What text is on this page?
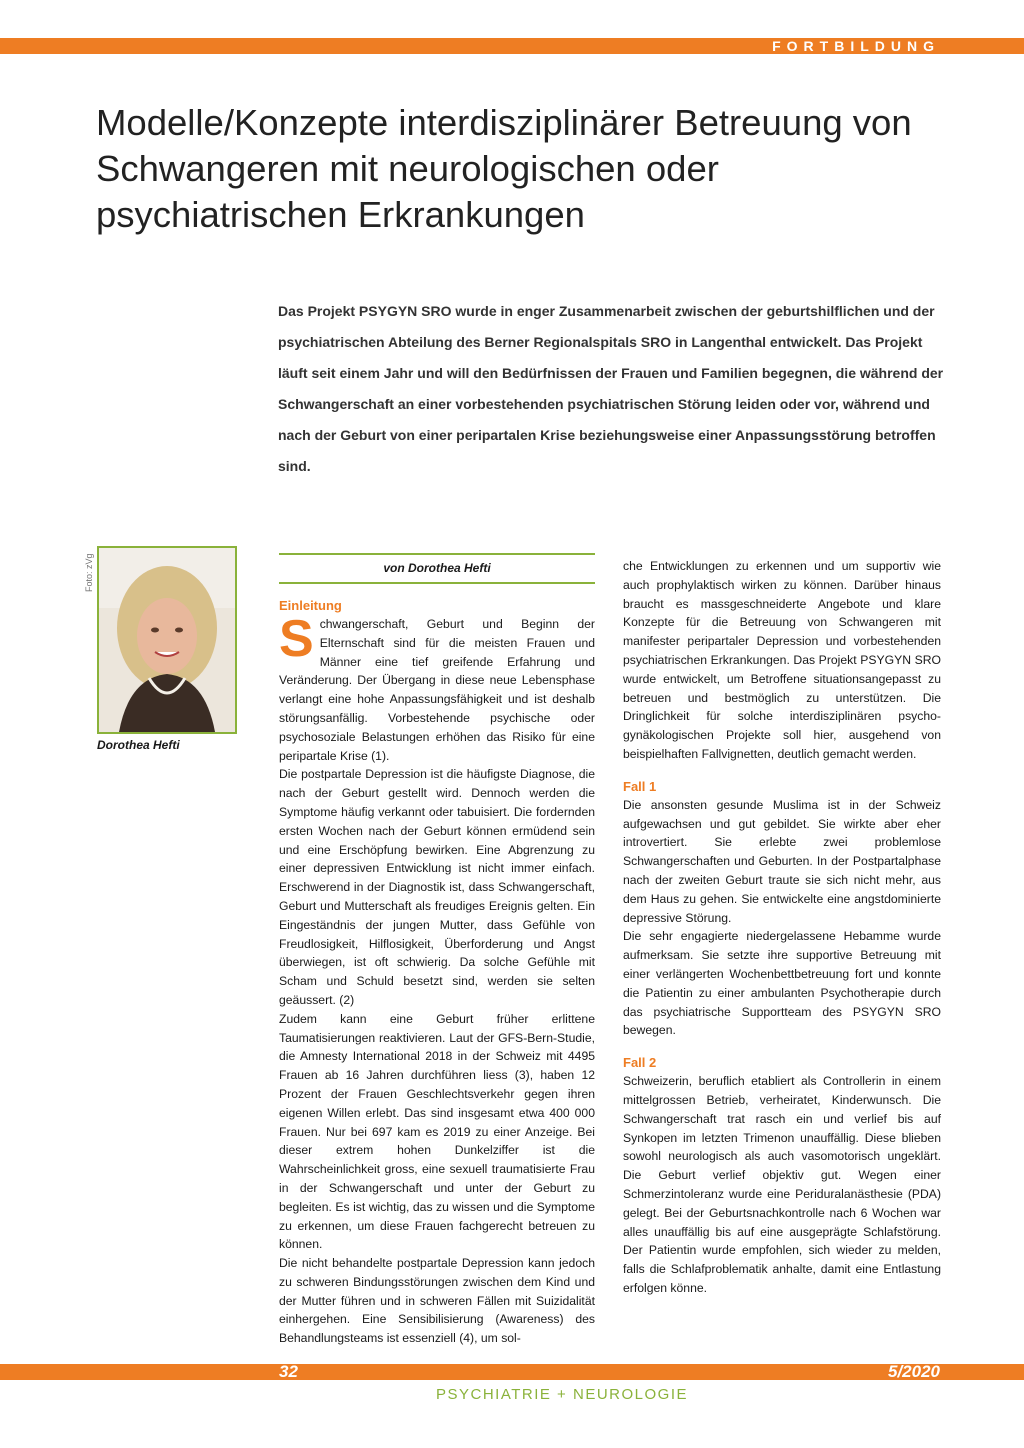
FORTBILDUNG
Modelle/Konzepte interdisziplinärer Betreuung von Schwangeren mit neurologischen oder psychiatrischen Erkrankungen

Das Projekt PSYGYN SRO wurde in enger Zusammenarbeit zwischen der geburtshilflichen und der psychiatrischen Abteilung des Berner Regionalspitals SRO in Langenthal entwickelt. Das Projekt läuft seit einem Jahr und will den Bedürfnissen der Frauen und Familien begegnen, die während der Schwangerschaft an einer vorbestehenden psychiatrischen Störung leiden oder vor, während und nach der Geburt von einer peripartalen Krise beziehungsweise einer Anpassungsstörung betroffen sind.

Foto: zVg
Dorothea Hefti
von Dorothea Hefti

Einleitung

Schwangerschaft, Geburt und Beginn der Elternschaft sind für die meisten Frauen und Männer eine tief greifende Erfahrung und Veränderung. Der Übergang in diese neue Lebensphase verlangt eine hohe Anpassungsfähigkeit und ist deshalb störungsanfällig. Vorbestehende psychische oder psychosoziale Belastungen erhöhen das Risiko für eine peripartale Krise (1).

Die postpartale Depression ist die häufigste Diagnose, die nach der Geburt gestellt wird. Dennoch werden die Symptome häufig verkannt oder tabuisiert. Die fordernden ersten Wochen nach der Geburt können ermüdend sein und eine Erschöpfung bewirken. Eine Abgrenzung zu einer depressiven Entwicklung ist nicht immer einfach. Erschwerend in der Diagnostik ist, dass Schwangerschaft, Geburt und Mutterschaft als freudiges Ereignis gelten. Ein Eingeständnis der jungen Mutter, dass Gefühle von Freudlosigkeit, Hilflosigkeit, Überforderung und Angst überwiegen, ist oft schwierig. Da solche Gefühle mit Scham und Schuld besetzt sind, werden sie selten geäussert. (2)

Zudem kann eine Geburt früher erlittene Taumatisierungen reaktivieren. Laut der GFS-Bern-Studie, die Amnesty International 2018 in der Schweiz mit 4495 Frauen ab 16 Jahren durchführen liess (3), haben 12 Prozent der Frauen Geschlechtsverkehr gegen ihren eigenen Willen erlebt. Das sind insgesamt etwa 400 000 Frauen. Nur bei 697 kam es 2019 zu einer Anzeige. Bei dieser extrem hohen Dunkelziffer ist die Wahrscheinlichkeit gross, eine sexuell traumatisierte Frau in der Schwangerschaft und unter der Geburt zu begleiten. Es ist wichtig, das zu wissen und die Symptome zu erkennen, um diese Frauen fachgerecht betreuen zu können.

Die nicht behandelte postpartale Depression kann jedoch zu schweren Bindungsstörungen zwischen dem Kind und der Mutter führen und in schweren Fällen mit Suizidalität einhergehen. Eine Sensibilisierung (Awareness) des Behandlungsteams ist essenziell (4), um sol-

che Entwicklungen zu erkennen und um supportiv wie auch prophylaktisch wirken zu können. Darüber hinaus braucht es massgeschneiderte Angebote und klare Konzepte für die Betreuung von Schwangeren mit manifester peripartaler Depression und vorbestehenden psychiatrischen Erkrankungen. Das Projekt PSYGYN SRO wurde entwickelt, um Betroffene situationsangepasst zu betreuen und bestmöglich zu unterstützen. Die Dringlichkeit für solche interdisziplinären psycho-gynäkologischen Projekte soll hier, ausgehend von beispielhaften Fallvignetten, deutlich gemacht werden.

Fall 1

Die ansonsten gesunde Muslima ist in der Schweiz aufgewachsen und gut gebildet. Sie wirkte aber eher introvertiert. Sie erlebte zwei problemlose Schwangerschaften und Geburten. In der Postpartalphase nach der zweiten Geburt traute sie sich nicht mehr, aus dem Haus zu gehen. Sie entwickelte eine angstdominierte depressive Störung.

Die sehr engagierte niedergelassene Hebamme wurde aufmerksam. Sie setzte ihre supportive Betreuung mit einer verlängerten Wochenbettbetreuung fort und konnte die Patientin zu einer ambulanten Psychotherapie durch das psychiatrische Supportteam des PSYGYN SRO bewegen.

Fall 2

Schweizerin, beruflich etabliert als Controllerin in einem mittelgrossen Betrieb, verheiratet, Kinderwunsch. Die Schwangerschaft trat rasch ein und verlief bis auf Synkopen im letzten Trimenon unauffällig. Diese blieben sowohl neurologisch als auch vasomotorisch ungeklärt. Die Geburt verlief objektiv gut. Wegen einer Schmerzintoleranz wurde eine Periduralanästhesie (PDA) gelegt. Bei der Geburtsnachkontrolle nach 6 Wochen war alles unauffällig bis auf eine ausgeprägte Schlafstörung. Der Patientin wurde empfohlen, sich wieder zu melden, falls die Schlafproblematik anhalte, damit eine Entlastung erfolgen könne.

32	5/2020
PSYCHIATRIE + NEUROLOGIE
